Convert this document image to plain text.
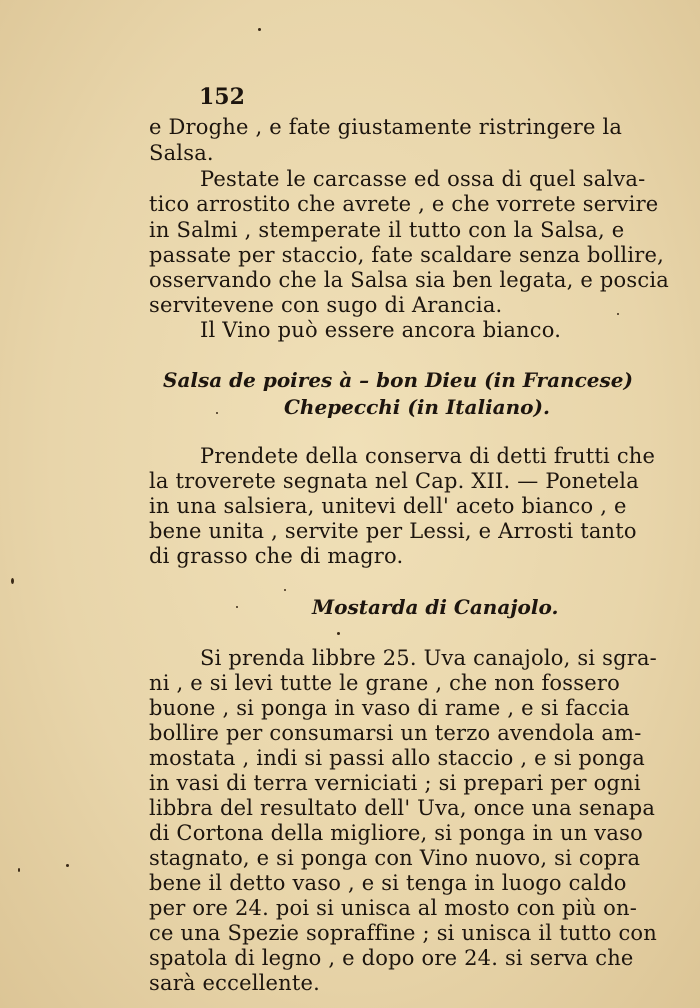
152
e Droghe , e fate giustamente ristringere la
Salsa.
Pestate le carcasse ed ossa di quel salva-
tico arrostito che avrete , e che vorrete servire
in Salmi , stemperate il tutto con la Salsa, e
passate per staccio, fate scaldare senza bollire,
osservando che la Salsa sia ben legata, e poscia
servitevene con sugo di Arancia.
Il Vino può essere ancora bianco.
Salsa de poires à – bon Dieu (in Francese)
Chepecchi (in Italiano).
Prendete della conserva di detti frutti che
la troverete segnata nel Cap. XII. — Ponetela
in una salsiera, unitevi dell' aceto bianco , e
bene unita , servite per Lessi, e Arrosti tanto
di grasso che di magro.
Mostarda di Canajolo.
Si prenda libbre 25. Uva canajolo, si sgra-
ni , e si levi tutte le grane , che non fossero
buone , si ponga in vaso di rame , e si faccia
bollire per consumarsi un terzo avendola am-
mostata , indi si passi allo staccio , e si ponga
in vasi di terra verniciati ; si prepari per ogni
libbra del resultato dell' Uva, once una senapa
di Cortona della migliore, si ponga in un vaso
stagnato, e si ponga con Vino nuovo, si copra
bene il detto vaso , e si tenga in luogo caldo
per ore 24. poi si unisca al mosto con più on-
ce una Spezie sopraffine ; si unisca il tutto con
spatola di legno , e dopo ore 24. si serva che
sarà eccellente.
